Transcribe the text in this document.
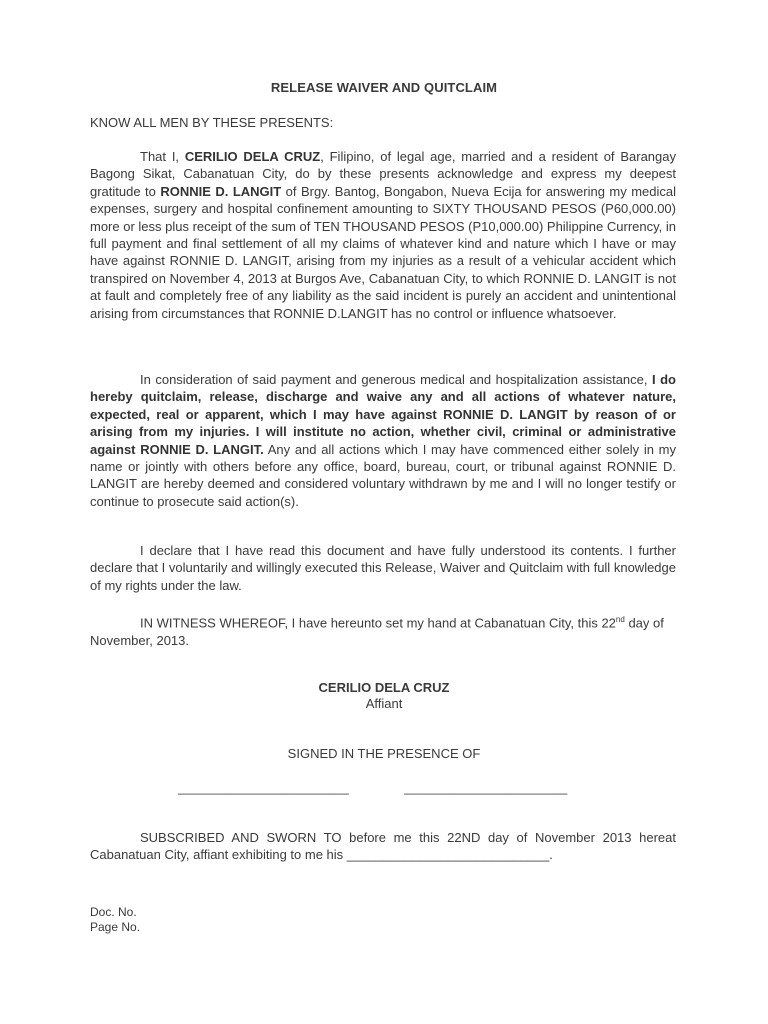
RELEASE WAIVER AND QUITCLAIM
KNOW ALL MEN BY THESE PRESENTS:

That I, CERILIO DELA CRUZ, Filipino, of legal age, married and a resident of Barangay Bagong Sikat, Cabanatuan City, do by these presents acknowledge and express my deepest gratitude to RONNIE D. LANGIT of Brgy. Bantog, Bongabon, Nueva Ecija for answering my medical expenses, surgery and hospital confinement amounting to SIXTY THOUSAND PESOS (P60,000.00) more or less plus receipt of the sum of TEN THOUSAND PESOS (P10,000.00) Philippine Currency, in full payment and final settlement of all my claims of whatever kind and nature which I have or may have against RONNIE D. LANGIT, arising from my injuries as a result of a vehicular accident which transpired on November 4, 2013 at Burgos Ave, Cabanatuan City, to which RONNIE D. LANGIT is not at fault and completely free of any liability as the said incident is purely an accident and unintentional arising from circumstances that RONNIE D.LANGIT has no control or influence whatsoever.

In consideration of said payment and generous medical and hospitalization assistance, I do hereby quitclaim, release, discharge and waive any and all actions of whatever nature, expected, real or apparent, which I may have against RONNIE D. LANGIT by reason of or arising from my injuries. I will institute no action, whether civil, criminal or administrative against RONNIE D. LANGIT. Any and all actions which I may have commenced either solely in my name or jointly with others before any office, board, bureau, court, or tribunal against RONNIE D. LANGIT are hereby deemed and considered voluntary withdrawn by me and I will no longer testify or continue to prosecute said action(s).

I declare that I have read this document and have fully understood its contents. I further declare that I voluntarily and willingly executed this Release, Waiver and Quitclaim with full knowledge of my rights under the law.

IN WITNESS WHEREOF, I have hereunto set my hand at Cabanatuan City, this 22nd day of November, 2013.

CERILIO DELA CRUZ
Affiant
SIGNED IN THE PRESENCE OF
_______________________	______________________

SUBSCRIBED AND SWORN TO before me this 22ND day of November 2013 hereat Cabanatuan City, affiant exhibiting to me his ____________________________.

Doc. No.
Page No.
